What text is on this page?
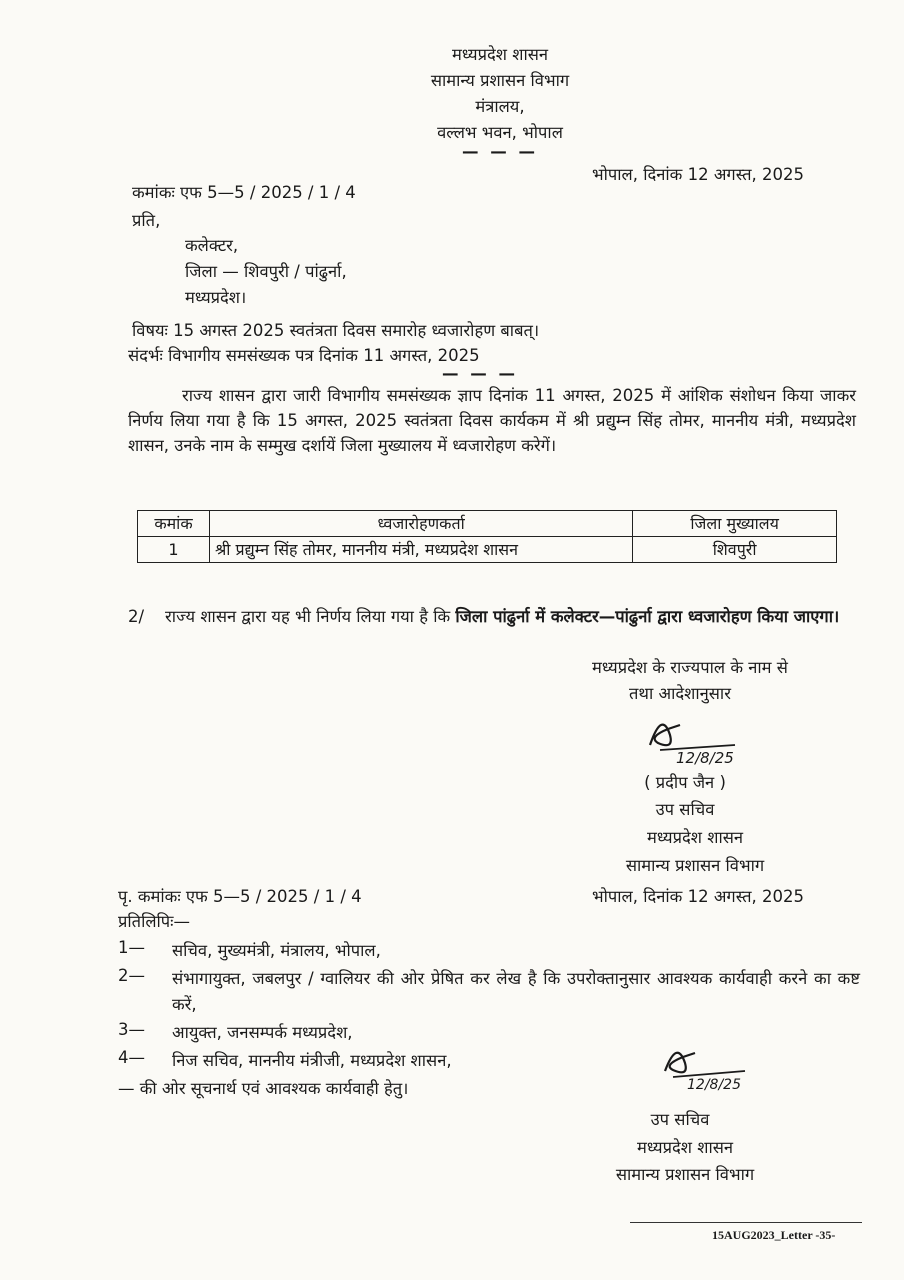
मध्यप्रदेश शासन
सामान्य प्रशासन विभाग
मंत्रालय,
वल्लभ भवन, भोपाल
— — —
भोपाल, दिनांक 12 अगस्त, 2025
कमांकः एफ 5—5 / 2025 / 1 / 4
प्रति,
कलेक्टर,
जिला — शिवपुरी / पांढुर्ना,
मध्यप्रदेश।
विषयः 15 अगस्त 2025 स्वतंत्रता दिवस समारोह ध्वजारोहण बाबत्।
संदर्भः विभागीय समसंख्यक पत्र दिनांक 11 अगस्त, 2025
— — —
राज्य शासन द्वारा जारी विभागीय समसंख्यक ज्ञाप दिनांक 11 अगस्त, 2025 में आंशिक संशोधन किया जाकर निर्णय लिया गया है कि 15 अगस्त, 2025 स्वतंत्रता दिवस कार्यकम में श्री प्रद्युम्न सिंह तोमर, माननीय मंत्री, मध्यप्रदेश शासन, उनके नाम के सम्मुख दर्शायें जिला मुख्यालय में ध्वजारोहण करेगें।
कमांक	ध्वजारोहणकर्ता	जिला मुख्यालय
1	श्री प्रद्युम्न सिंह तोमर, माननीय मंत्री, मध्यप्रदेश शासन	शिवपुरी
2/ राज्य शासन द्वारा यह भी निर्णय लिया गया है कि जिला पांढुर्ना में कलेक्टर—पांढुर्ना द्वारा ध्वजारोहण किया जाएगा।
मध्यप्रदेश के राज्यपाल के नाम से
तथा आदेशानुसार
12/8/25
( प्रदीप जैन )
उप सचिव
मध्यप्रदेश शासन
सामान्य प्रशासन विभाग
पृ. कमांकः एफ 5—5 / 2025 / 1 / 4	भोपाल, दिनांक 12 अगस्त, 2025
प्रतिलिपिः—
1— सचिव, मुख्यमंत्री, मंत्रालय, भोपाल,
2— संभागायुक्त, जबलपुर / ग्वालियर की ओर प्रेषित कर लेख है कि उपरोक्तानुसार आवश्यक कार्यवाही करने का कष्ट करें,
3— आयुक्त, जनसम्पर्क मध्यप्रदेश,
4— निज सचिव, माननीय मंत्रीजी, मध्यप्रदेश शासन,
— की ओर सूचनार्थ एवं आवश्यक कार्यवाही हेतु।	12/8/25
उप सचिव
मध्यप्रदेश शासन
सामान्य प्रशासन विभाग
15AUG2023_Letter -35-
